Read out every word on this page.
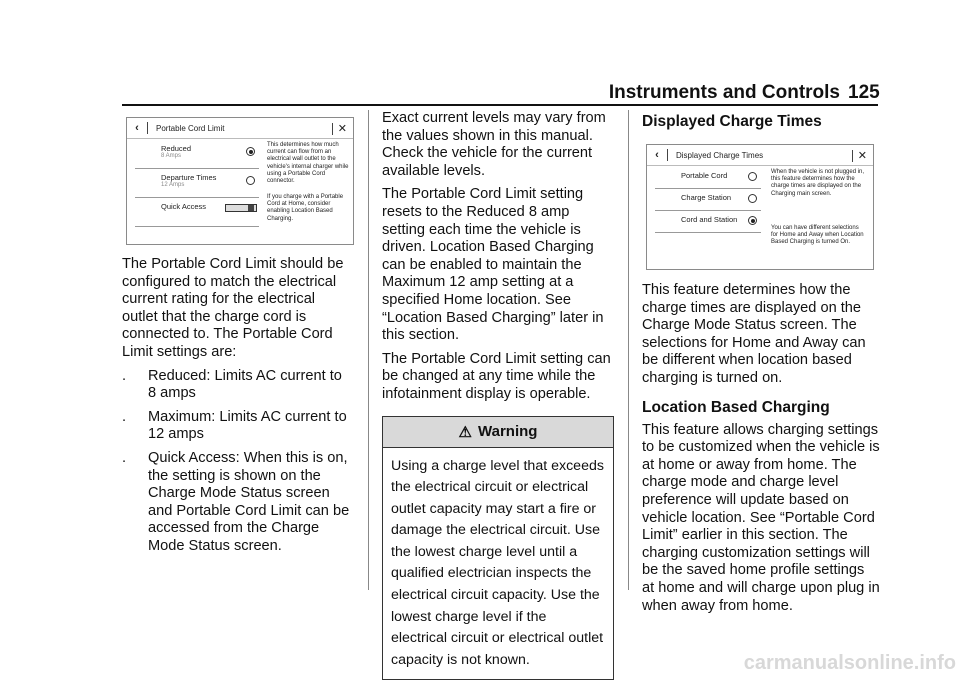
Instruments and Controls 125
‹	Portable Cord Limit	✕
Reduced
8 Amps
Departure Times
12 Amps
Quick Access
This determines how much current can flow from an electrical wall outlet to the vehicle's internal charger while using a Portable Cord connector.
If you charge with a Portable Cord at Home, consider enabling Location Based Charging.

The Portable Cord Limit should be configured to match the electrical current rating for the electrical outlet that the charge cord is connected to. The Portable Cord Limit settings are:

.	Reduced: Limits AC current to 8 amps
.	Maximum: Limits AC current to 12 amps
.	Quick Access: When this is on, the setting is shown on the Charge Mode Status screen and Portable Cord Limit can be accessed from the Charge Mode Status screen.

Exact current levels may vary from the values shown in this manual. Check the vehicle for the current available levels.

The Portable Cord Limit setting resets to the Reduced 8 amp setting each time the vehicle is driven. Location Based Charging can be enabled to maintain the Maximum 12 amp setting at a specified Home location. See “Location Based Charging” later in this section.

The Portable Cord Limit setting can be changed at any time while the infotainment display is operable.

⚠ Warning
Using a charge level that exceeds the electrical circuit or electrical outlet capacity may start a fire or damage the electrical circuit. Use the lowest charge level until a qualified electrician inspects the electrical circuit capacity. Use the lowest charge level if the electrical circuit or electrical outlet capacity is not known.
Displayed Charge Times
‹	Displayed Charge Times	✕
Portable Cord
Charge Station
Cord and Station
When the vehicle is not plugged in, this feature determines how the charge times are displayed on the Charging main screen.
You can have different selections for Home and Away when Location Based Charging is turned On.

This feature determines how the charge times are displayed on the Charge Mode Status screen. The selections for Home and Away can be different when location based charging is turned on.

Location Based Charging

This feature allows charging settings to be customized when the vehicle is at home or away from home. The charge mode and charge level preference will update based on vehicle location. See “Portable Cord Limit” earlier in this section. The charging customization settings will be the saved home profile settings at home and will charge upon plug in when away from home.

carmanualsonline.info
